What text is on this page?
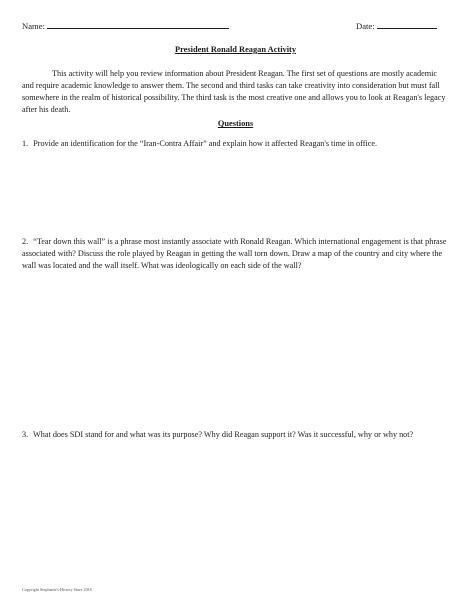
Name:	Date:
President Ronald Reagan Activity

This activity will help you review information about President Reagan. The first set of questions are mostly academic and require academic knowledge to answer them. The second and third tasks can take creativity into consideration but must fall somewhere in the realm of historical possibility. The third task is the most creative one and allows you to look at Reagan's legacy after his death.

Questions

1. Provide an identification for the “Iran-Contra Affair” and explain how it affected Reagan's time in office.

2. “Tear down this wall” is a phrase most instantly associate with Ronald Reagan. Which international engagement is that phrase associated with? Discuss the role played by Reagan in getting the wall torn down. Draw a map of the country and city where the wall was located and the wall itself. What was ideologically on each side of the wall?

3. What does SDI stand for and what was its purpose? Why did Reagan support it? Was it successful, why or why not?

Copyright Stephanie's History Store 2016
